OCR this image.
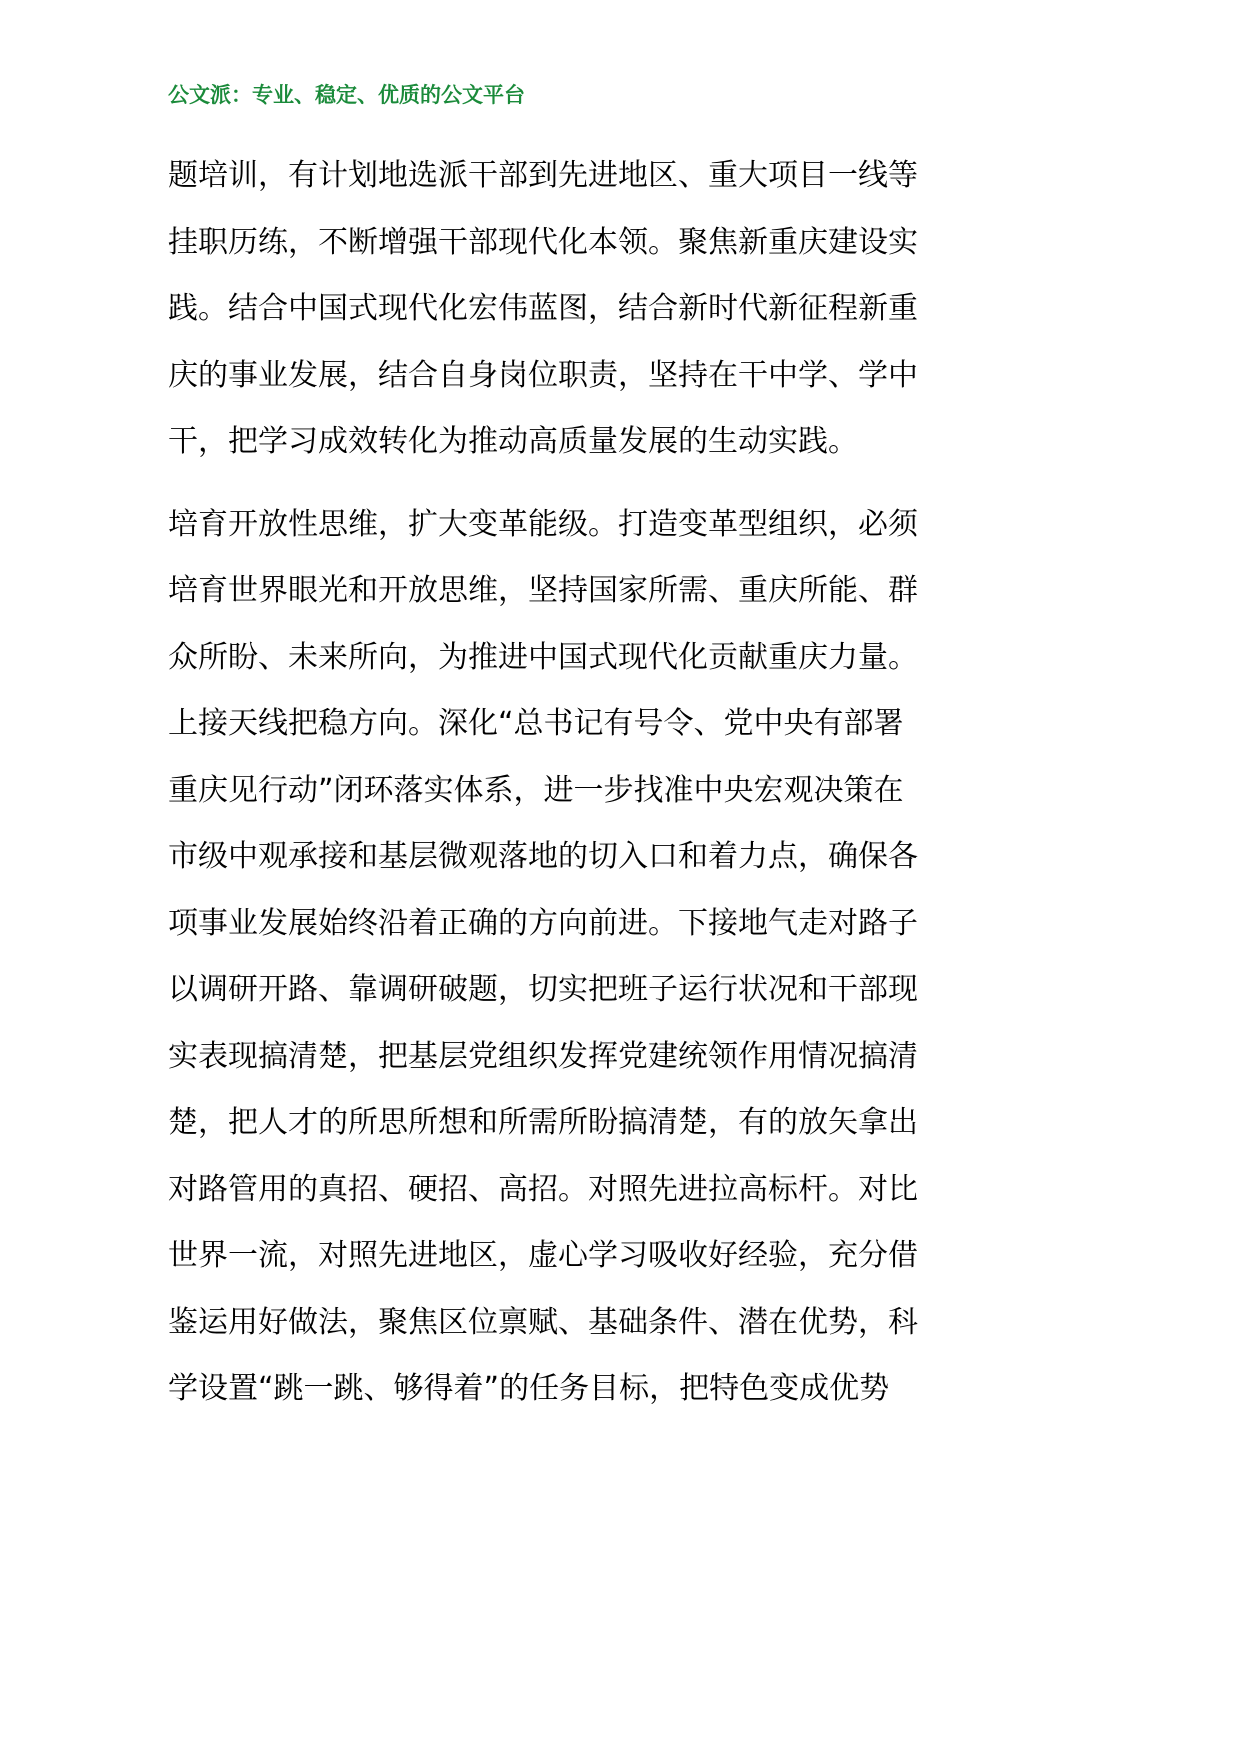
公文派：专业、稳定、优质的公文平台
题培训，有计划地选派干部到先进地区、重大项目一线等
挂职历练，不断增强干部现代化本领。聚焦新重庆建设实
践。结合中国式现代化宏伟蓝图，结合新时代新征程新重
庆的事业发展，结合自身岗位职责，坚持在干中学、学中
干，把学习成效转化为推动高质量发展的生动实践。
培育开放性思维，扩大变革能级。打造变革型组织，必须
培育世界眼光和开放思维，坚持国家所需、重庆所能、群
众所盼、未来所向，为推进中国式现代化贡献重庆力量。
上接天线把稳方向。深化“总书记有号令、党中央有部署
重庆见行动”闭环落实体系，进一步找准中央宏观决策在
市级中观承接和基层微观落地的切入口和着力点，确保各
项事业发展始终沿着正确的方向前进。下接地气走对路子
以调研开路、靠调研破题，切实把班子运行状况和干部现
实表现搞清楚，把基层党组织发挥党建统领作用情况搞清
楚，把人才的所思所想和所需所盼搞清楚，有的放矢拿出
对路管用的真招、硬招、高招。对照先进拉高标杆。对比
世界一流，对照先进地区，虚心学习吸收好经验，充分借
鉴运用好做法，聚焦区位禀赋、基础条件、潜在优势，科
学设置“跳一跳、够得着”的任务目标，把特色变成优势
